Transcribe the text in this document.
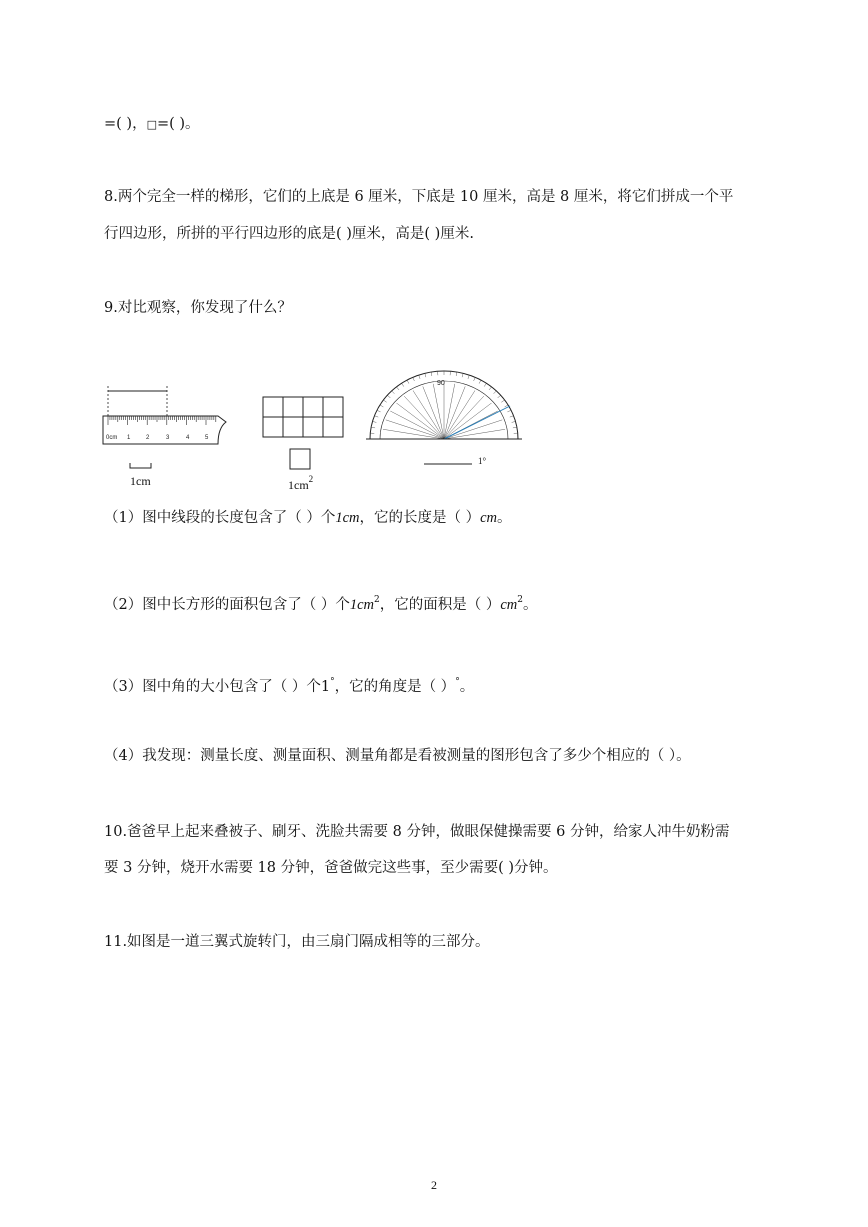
=( )，□=( )。
8.两个完全一样的梯形，它们的上底是 6 厘米，下底是 10 厘米，高是 8 厘米，将它们拼成一个平
行四边形，所拼的平行四边形的底是( )厘米，高是( )厘米.
9.对比观察，你发现了什么？
0cm 1	2	3	4	5
1cm	$1cm^2$
90
1°
（1）图中线段的长度包含了（ ）个1cm，它的长度是（ ）cm。
（2）图中长方形的面积包含了（ ）个$1cm^2$，它的面积是（ ）$cm^2$。
（3）图中角的大小包含了（ ）个1°，它的角度是（ ）°。
（4）我发现：测量长度、测量面积、测量角都是看被测量的图形包含了多少个相应的（ ）。
10.爸爸早上起来叠被子、刷牙、洗脸共需要 8 分钟，做眼保健操需要 6 分钟，给家人冲牛奶粉需
要 3 分钟，烧开水需要 18 分钟，爸爸做完这些事，至少需要( )分钟。
11.如图是一道三翼式旋转门，由三扇门隔成相等的三部分。
2
